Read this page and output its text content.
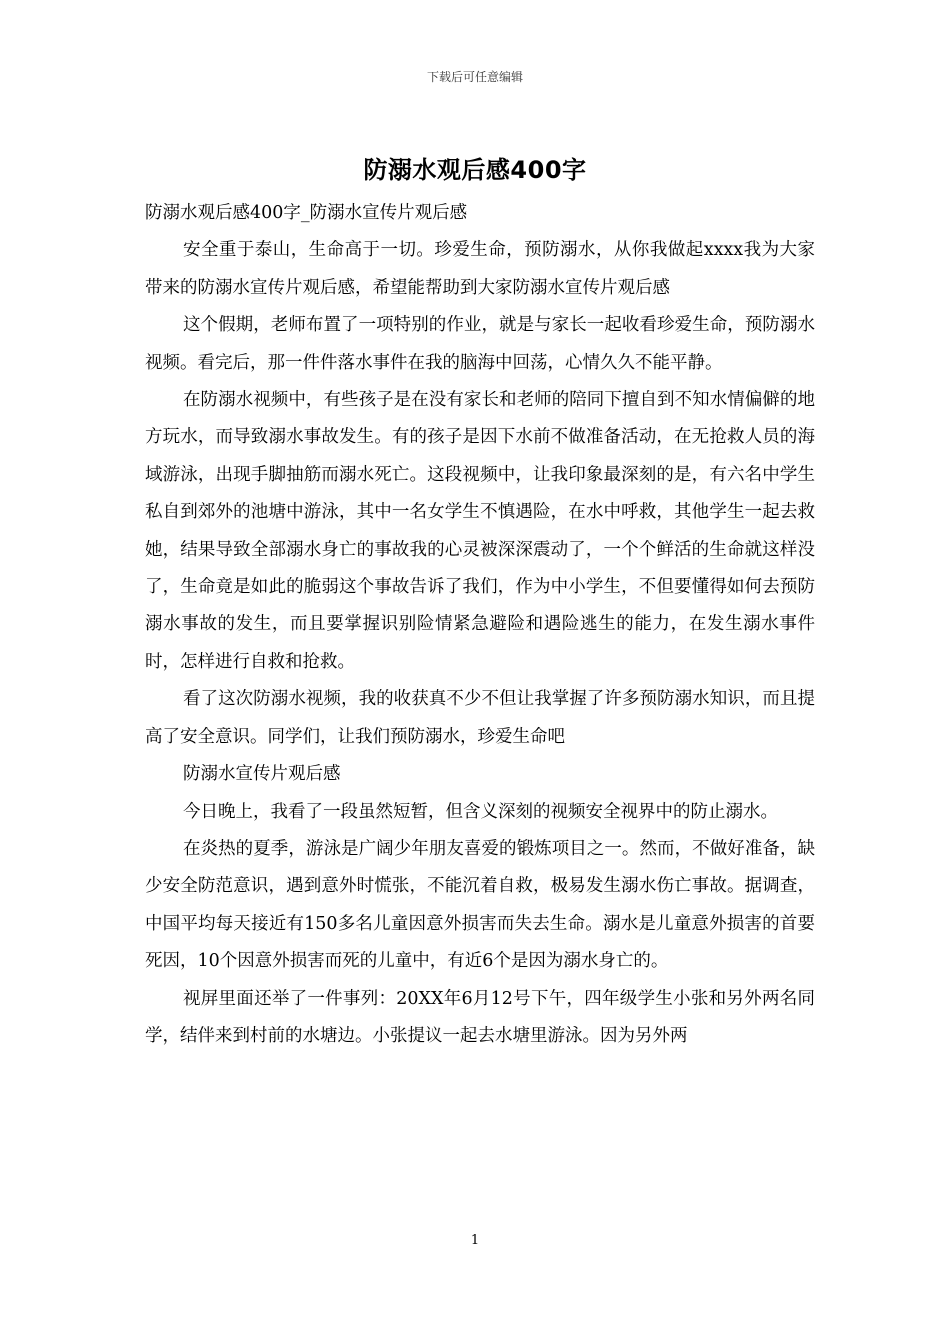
下载后可任意编辑
防溺水观后感400字

防溺水观后感400字_防溺水宣传片观后感

安全重于泰山，生命高于一切。珍爱生命，预防溺水，从你我做起xxxx我为大家带来的防溺水宣传片观后感，希望能帮助到大家防溺水宣传片观后感

这个假期，老师布置了一项特别的作业，就是与家长一起收看珍爱生命，预防溺水视频。看完后，那一件件落水事件在我的脑海中回荡，心情久久不能平静。

在防溺水视频中，有些孩子是在没有家长和老师的陪同下擅自到不知水情偏僻的地方玩水，而导致溺水事故发生。有的孩子是因下水前不做准备活动，在无抢救人员的海域游泳，出现手脚抽筋而溺水死亡。这段视频中，让我印象最深刻的是，有六名中学生私自到郊外的池塘中游泳，其中一名女学生不慎遇险，在水中呼救，其他学生一起去救她，结果导致全部溺水身亡的事故我的心灵被深深震动了，一个个鲜活的生命就这样没了，生命竟是如此的脆弱这个事故告诉了我们，作为中小学生，不但要懂得如何去预防溺水事故的发生，而且要掌握识别险情紧急避险和遇险逃生的能力，在发生溺水事件时，怎样进行自救和抢救。

看了这次防溺水视频，我的收获真不少不但让我掌握了许多预防溺水知识，而且提高了安全意识。同学们，让我们预防溺水，珍爱生命吧

防溺水宣传片观后感

今日晚上，我看了一段虽然短暂，但含义深刻的视频安全视界中的防止溺水。

在炎热的夏季，游泳是广阔少年朋友喜爱的锻炼项目之一。然而，不做好准备，缺少安全防范意识，遇到意外时慌张，不能沉着自救，极易发生溺水伤亡事故。据调查，中国平均每天接近有150多名儿童因意外损害而失去生命。溺水是儿童意外损害的首要死因，10个因意外损害而死的儿童中，有近6个是因为溺水身亡的。

视屏里面还举了一件事列：20XX年6月12号下午，四年级学生小张和另外两名同学，结伴来到村前的水塘边。小张提议一起去水塘里游泳。因为另外两

1
